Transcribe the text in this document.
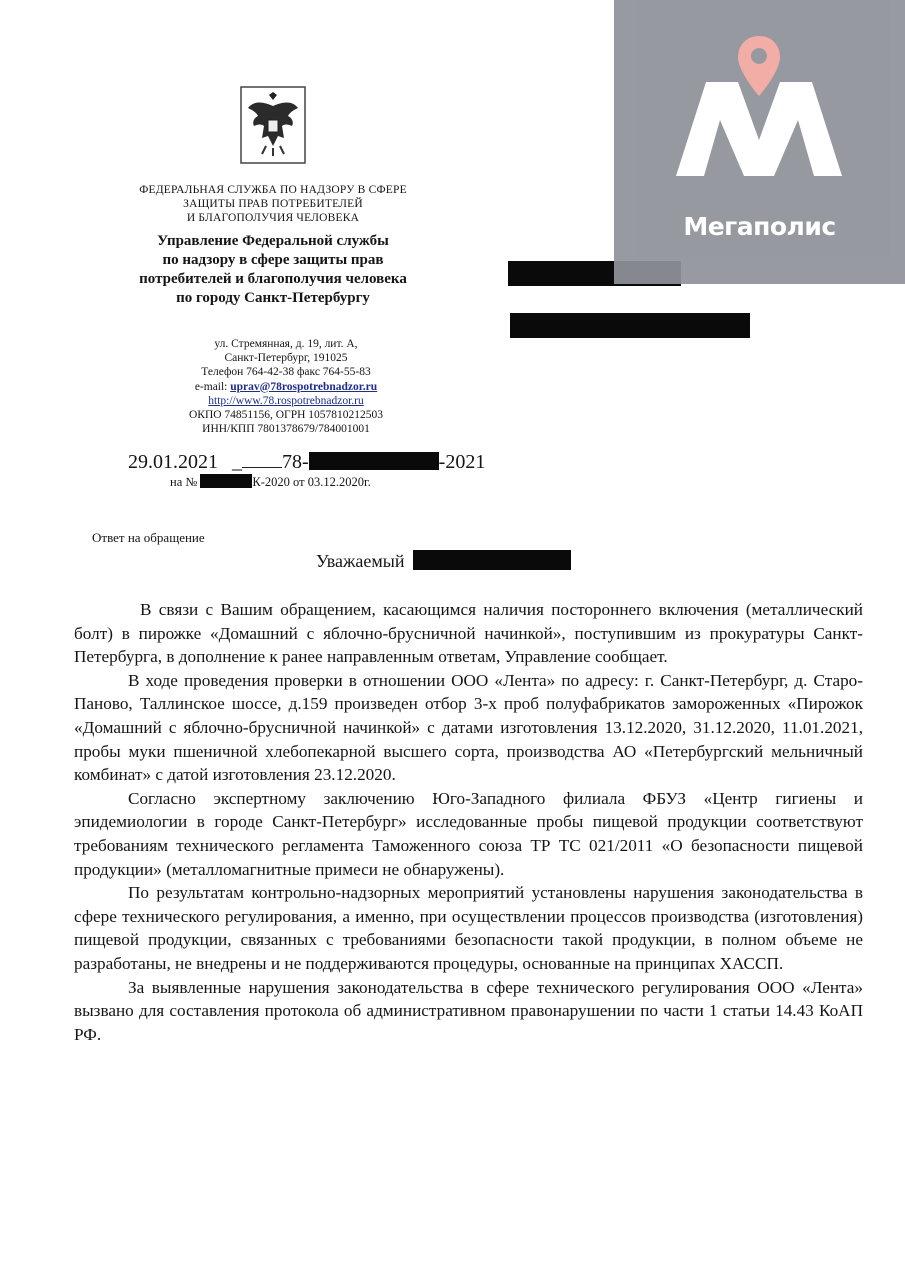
ФЕДЕРАЛЬНАЯ СЛУЖБА ПО НАДЗОРУ В СФЕРЕ
ЗАЩИТЫ ПРАВ ПОТРЕБИТЕЛЕЙ
И БЛАГОПОЛУЧИЯ ЧЕЛОВЕКА
Управление Федеральной службы
по надзору в сфере защиты прав
потребителей и благополучия человека
по городу Санкт-Петербургу
ул. Стремянная, д. 19, лит. А,
Санкт-Петербург, 191025
Телефон 764-42-38 факс 764-55-83
e-mail: uprav@78rospotrebnadzor.ru
http://www.78.rospotrebnadzor.ru
ОКПО 74851156, ОГРН 1057810212503
ИНН/КПП 7801378679/784001001
29.01.2021 _ 78-	-2021
на №	К-2020 от 03.12.2020г.
Ответ на обращение
Уважаемый

В связи с Вашим обращением, касающимся наличия постороннего включения (металлический болт) в пирожке «Домашний с яблочно-брусничной начинкой», поступившим из прокуратуры Санкт-Петербурга, в дополнение к ранее направленным ответам, Управление сообщает.

В ходе проведения проверки в отношении ООО «Лента» по адресу: г. Санкт-Петербург, д. Старо-Паново, Таллинское шоссе, д.159 произведен отбор 3-х проб полуфабрикатов замороженных «Пирожок «Домашний с яблочно-брусничной начинкой» с датами изготовления 13.12.2020, 31.12.2020, 11.01.2021, пробы муки пшеничной хлебопекарной высшего сорта, производства АО «Петербургский мельничный комбинат» с датой изготовления 23.12.2020.

Согласно экспертному заключению Юго-Западного филиала ФБУЗ «Центр гигиены и эпидемиологии в городе Санкт-Петербург» исследованные пробы пищевой продукции соответствуют требованиям технического регламента Таможенного союза ТР ТС 021/2011 «О безопасности пищевой продукции» (металломагнитные примеси не обнаружены).

По результатам контрольно-надзорных мероприятий установлены нарушения законодательства в сфере технического регулирования, а именно, при осуществлении процессов производства (изготовления) пищевой продукции, связанных с требованиями безопасности такой продукции, в полном объеме не разработаны, не внедрены и не поддерживаются процедуры, основанные на принципах ХАССП.

За выявленные нарушения законодательства в сфере технического регулирования ООО «Лента» вызвано для составления протокола об административном правонарушении по части 1 статьи 14.43 КоАП РФ.

Мегаполис
